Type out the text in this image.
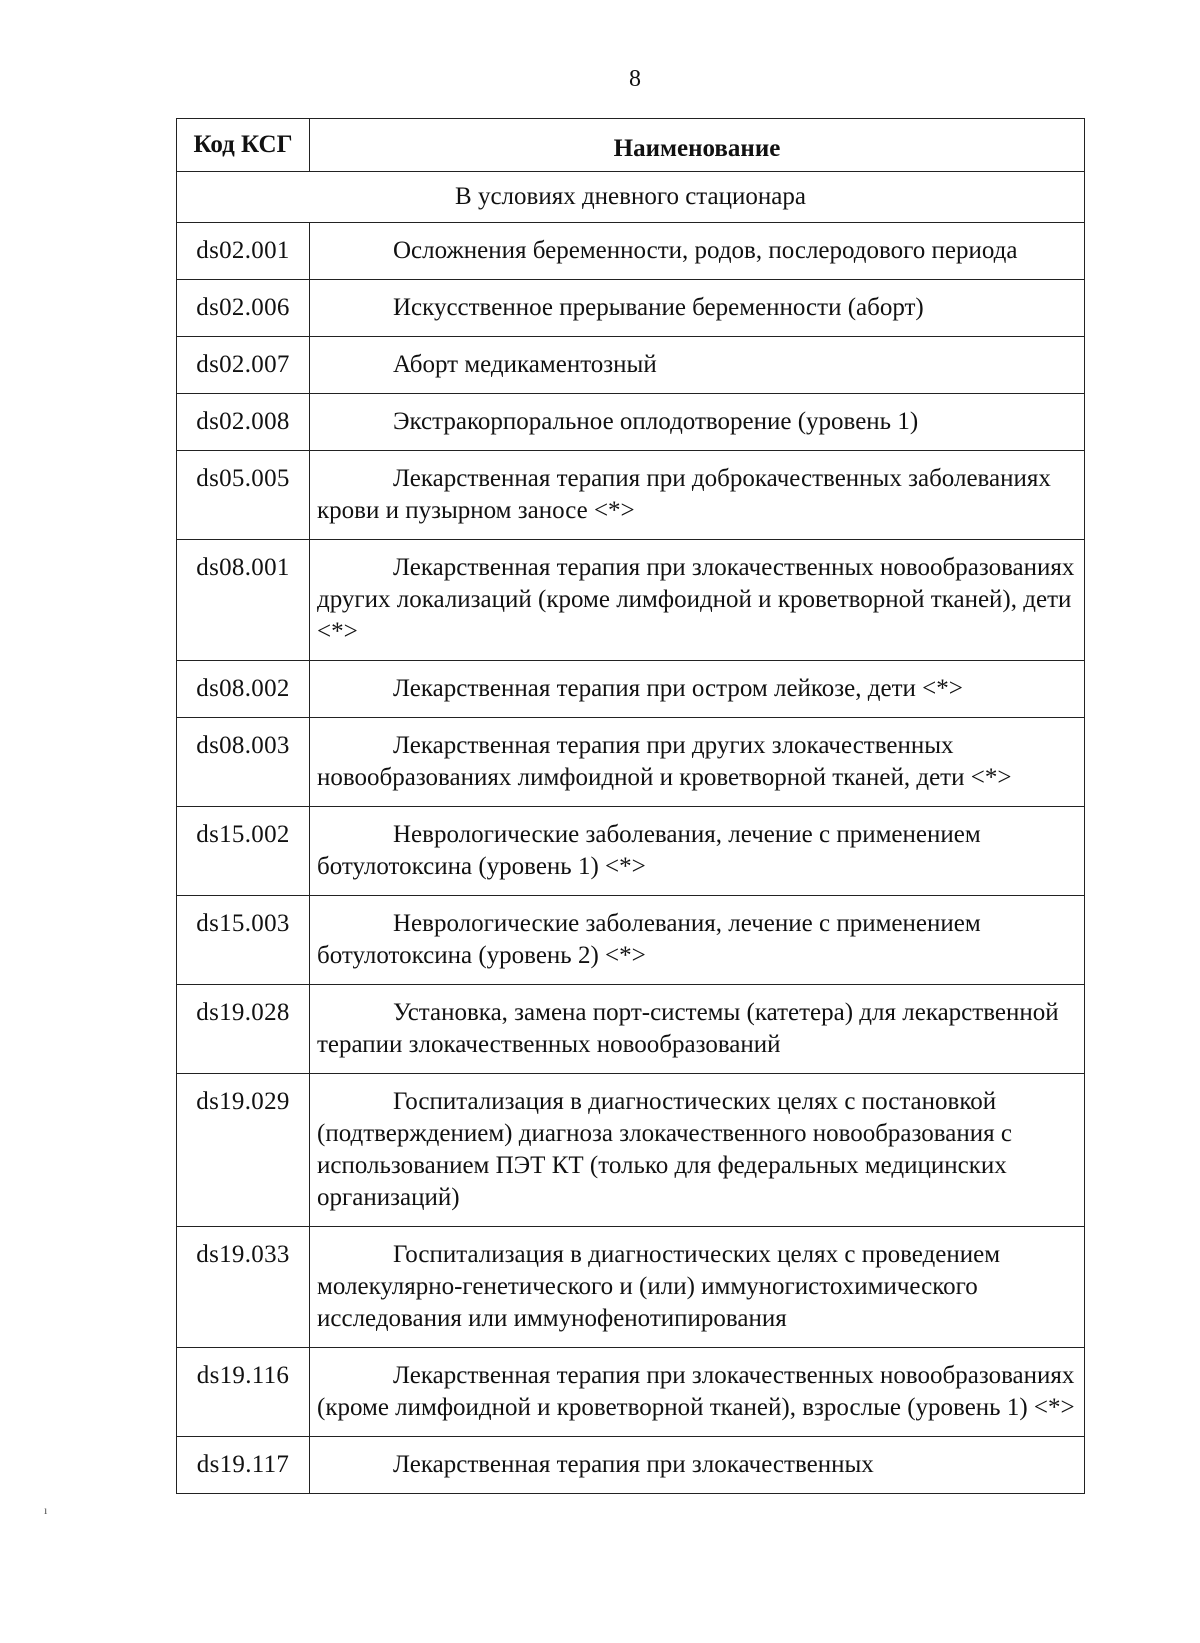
8
Код КСГ	Наименование
В условиях дневного стационара	
ds02.001	Осложнения беременности, родов, послеродового периода
ds02.006	Искусственное прерывание беременности (аборт)
ds02.007	Аборт медикаментозный
ds02.008	Экстракорпоральное оплодотворение (уровень 1)
ds05.005	Лекарственная терапия при доброкачественных заболеваниях крови и пузырном заносе <*>
ds08.001	Лекарственная терапия при злокачественных новообразованиях других локализаций (кроме лимфоидной и кроветворной тканей), дети <*>
ds08.002	Лекарственная терапия при остром лейкозе, дети <*>
ds08.003	Лекарственная терапия при других злокачественных новообразованиях лимфоидной и кроветворной тканей, дети <*>
ds15.002	Неврологические заболевания, лечение с применением ботулотоксина (уровень 1) <*>
ds15.003	Неврологические заболевания, лечение с применением ботулотоксина (уровень 2) <*>
ds19.028	Установка, замена порт-системы (катетера) для лекарственной терапии злокачественных новообразований
ds19.029	Госпитализация в диагностических целях с постановкой (подтверждением) диагноза злокачественного новообразования с использованием ПЭТ КТ (только для федеральных медицинских организаций)
ds19.033	Госпитализация в диагностических целях с проведением молекулярно-генетического и (или) иммуногистохимического исследования или иммунофенотипирования
ds19.116	Лекарственная терапия при злокачественных новообразованиях (кроме лимфоидной и кроветворной тканей), взрослые (уровень 1) <*>
ds19.117	Лекарственная терапия при злокачественных
ı
